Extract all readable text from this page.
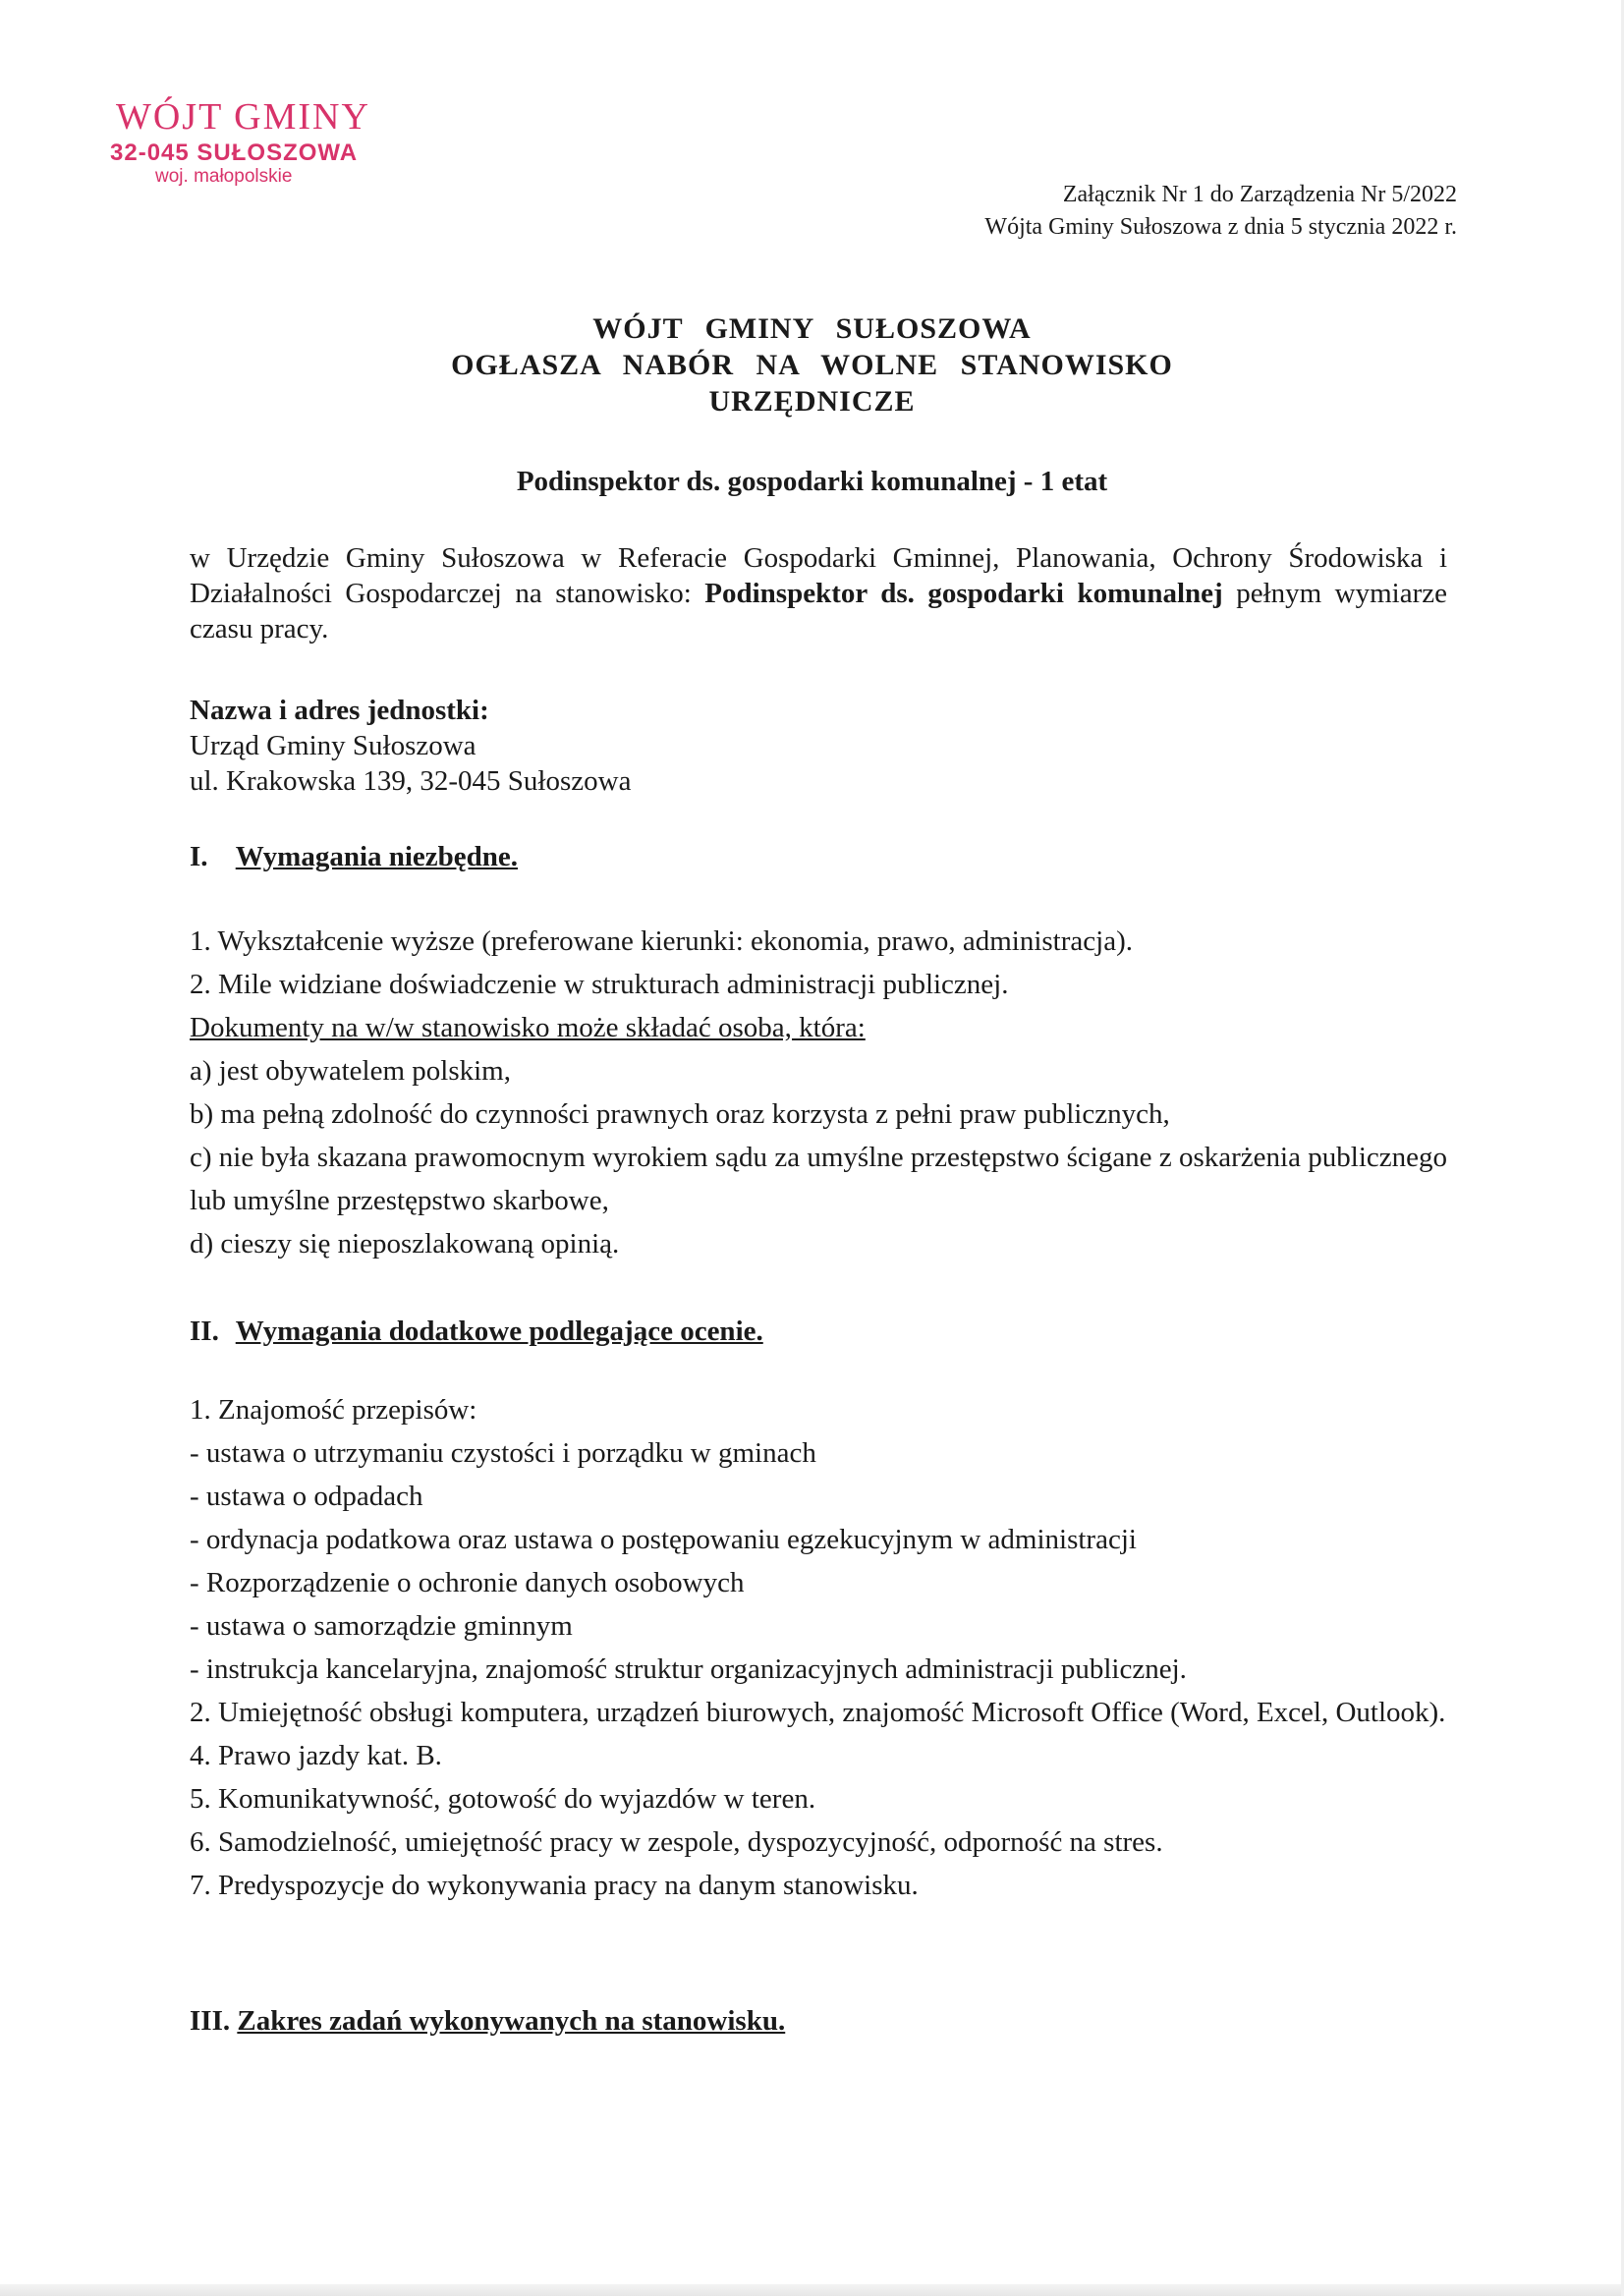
WÓJT GMINY
32-045 SUŁOSZOWA
woj. małopolskie
Załącznik Nr 1 do Zarządzenia Nr 5/2022
Wójta Gminy Sułoszowa z dnia 5 stycznia 2022 r.
WÓJT GMINY SUŁOSZOWA
OGŁASZA NABÓR NA WOLNE STANOWISKO
URZĘDNICZE
Podinspektor ds. gospodarki komunalnej - 1 etat
w Urzędzie Gminy Sułoszowa w Referacie Gospodarki Gminnej, Planowania, Ochrony Środowiska i Działalności Gospodarczej na stanowisko: Podinspektor ds. gospodarki komunalnej pełnym wymiarze czasu pracy.
Nazwa i adres jednostki:
Urząd Gminy Sułoszowa
ul. Krakowska 139, 32-045 Sułoszowa
I. Wymagania niezbędne.
1. Wykształcenie wyższe (preferowane kierunki: ekonomia, prawo, administracja).
2. Mile widziane doświadczenie w strukturach administracji publicznej.
Dokumenty na w/w stanowisko może składać osoba, która:
a) jest obywatelem polskim,
b) ma pełną zdolność do czynności prawnych oraz korzysta z pełni praw publicznych,
c) nie była skazana prawomocnym wyrokiem sądu za umyślne przestępstwo ścigane z oskarżenia publicznego lub umyślne przestępstwo skarbowe,
d) cieszy się nieposzlakowaną opinią.
II. Wymagania dodatkowe podlegające ocenie.
1. Znajomość przepisów:
- ustawa o utrzymaniu czystości i porządku w gminach
- ustawa o odpadach
- ordynacja podatkowa oraz ustawa o postępowaniu egzekucyjnym w administracji
- Rozporządzenie o ochronie danych osobowych
- ustawa o samorządzie gminnym
- instrukcja kancelaryjna, znajomość struktur organizacyjnych administracji publicznej.
2. Umiejętność obsługi komputera, urządzeń biurowych, znajomość Microsoft Office (Word, Excel, Outlook).
4. Prawo jazdy kat. B.
5. Komunikatywność, gotowość do wyjazdów w teren.
6. Samodzielność, umiejętność pracy w zespole, dyspozycyjność, odporność na stres.
7. Predyspozycje do wykonywania pracy na danym stanowisku.
III. Zakres zadań wykonywanych na stanowisku.
